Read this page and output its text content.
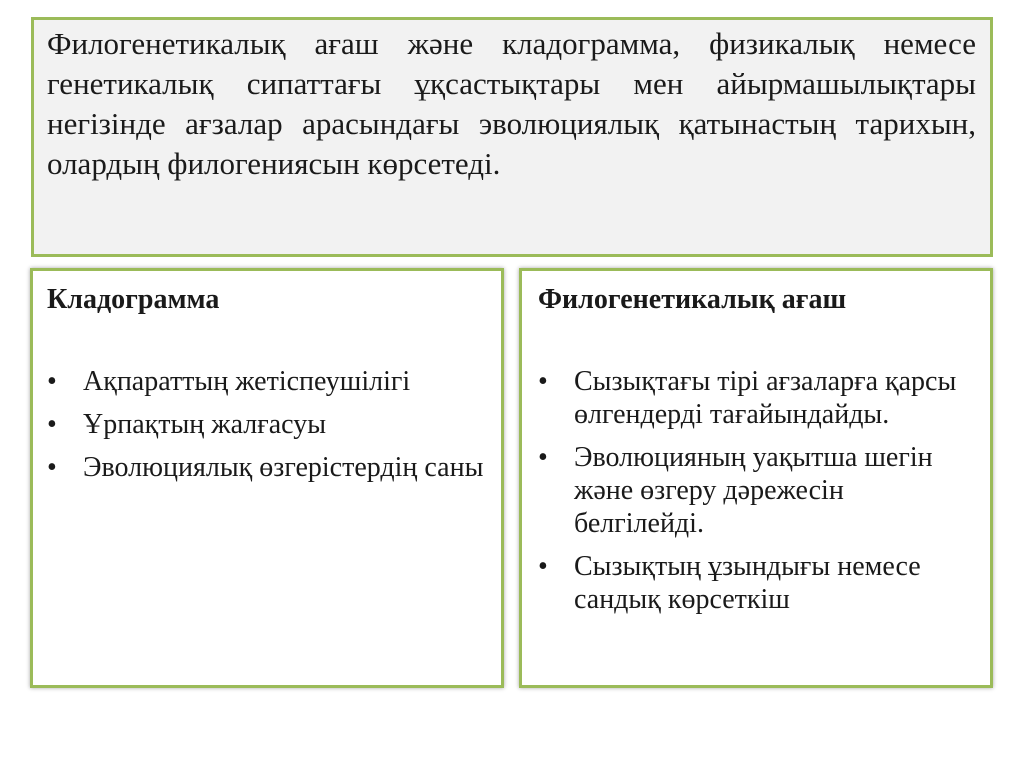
Филогенетикалық ағаш және кладограмма, физикалық немесе генетикалық сипаттағы ұқсастықтары мен айырмашылықтары негізінде ағзалар арасындағы эволюциялық қатынастың тарихын, олардың филогениясын көрсетеді.

Кладограмма
• Ақпараттың жетіспеушілігі
• Ұрпақтың жалғасуы
• Эволюциялық өзгерістердің саны
Филогенетикалық ағаш
• Сызықтағы тірі ағзаларға қарсы өлгендерді тағайындайды.
• Эволюцияның уақытша шегін және өзгеру дәрежесін белгілейді.
• Сызықтың ұзындығы немесе сандық көрсеткіш
